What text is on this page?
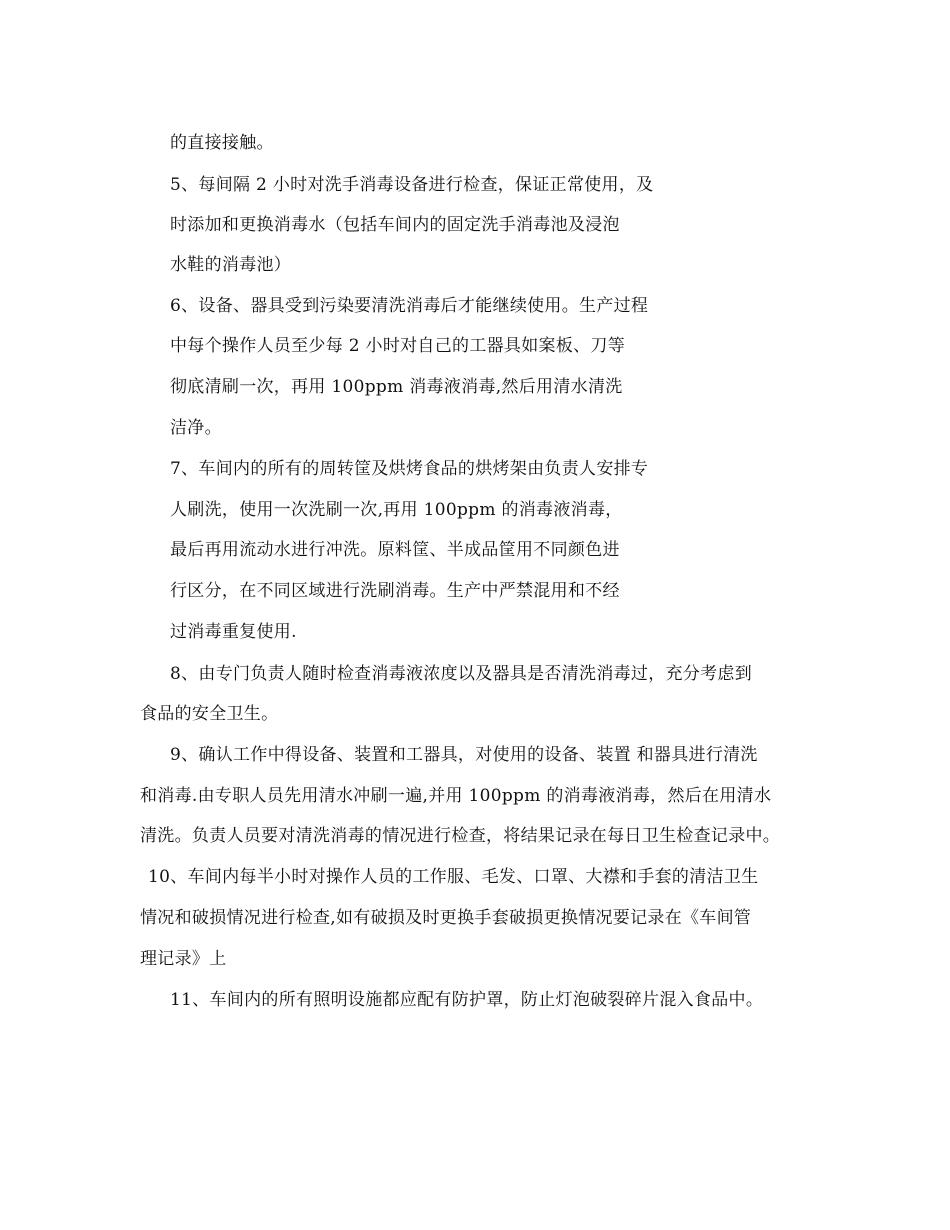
的直接接触。
5、每间隔 2 小时对洗手消毒设备进行检查，保证正常使用，及
时添加和更换消毒水（包括车间内的固定洗手消毒池及浸泡
水鞋的消毒池）
6、设备、器具受到污染要清洗消毒后才能继续使用。生产过程
中每个操作人员至少每 2 小时对自己的工器具如案板、刀等
彻底清刷一次，再用 100ppm 消毒液消毒,然后用清水清洗
洁净。
7、车间内的所有的周转筐及烘烤食品的烘烤架由负责人安排专
人刷洗，使用一次洗刷一次,再用 100ppm 的消毒液消毒，
最后再用流动水进行冲洗。原料筐、半成品筐用不同颜色进
行区分，在不同区域进行洗刷消毒。生产中严禁混用和不经
过消毒重复使用.
8、由专门负责人随时检查消毒液浓度以及器具是否清洗消毒过，充分考虑到
食品的安全卫生。
9、确认工作中得设备、装置和工器具，对使用的设备、装置 和器具进行清洗
和消毒.由专职人员先用清水冲刷一遍,并用 100ppm 的消毒液消毒，然后在用清水
清洗。负责人员要对清洗消毒的情况进行检查，将结果记录在每日卫生检查记录中。
10、车间内每半小时对操作人员的工作服、毛发、口罩、大襟和手套的清洁卫生
情况和破损情况进行检查,如有破损及时更换手套破损更换情况要记录在《车间管
理记录》上
11、车间内的所有照明设施都应配有防护罩，防止灯泡破裂碎片混入食品中。
